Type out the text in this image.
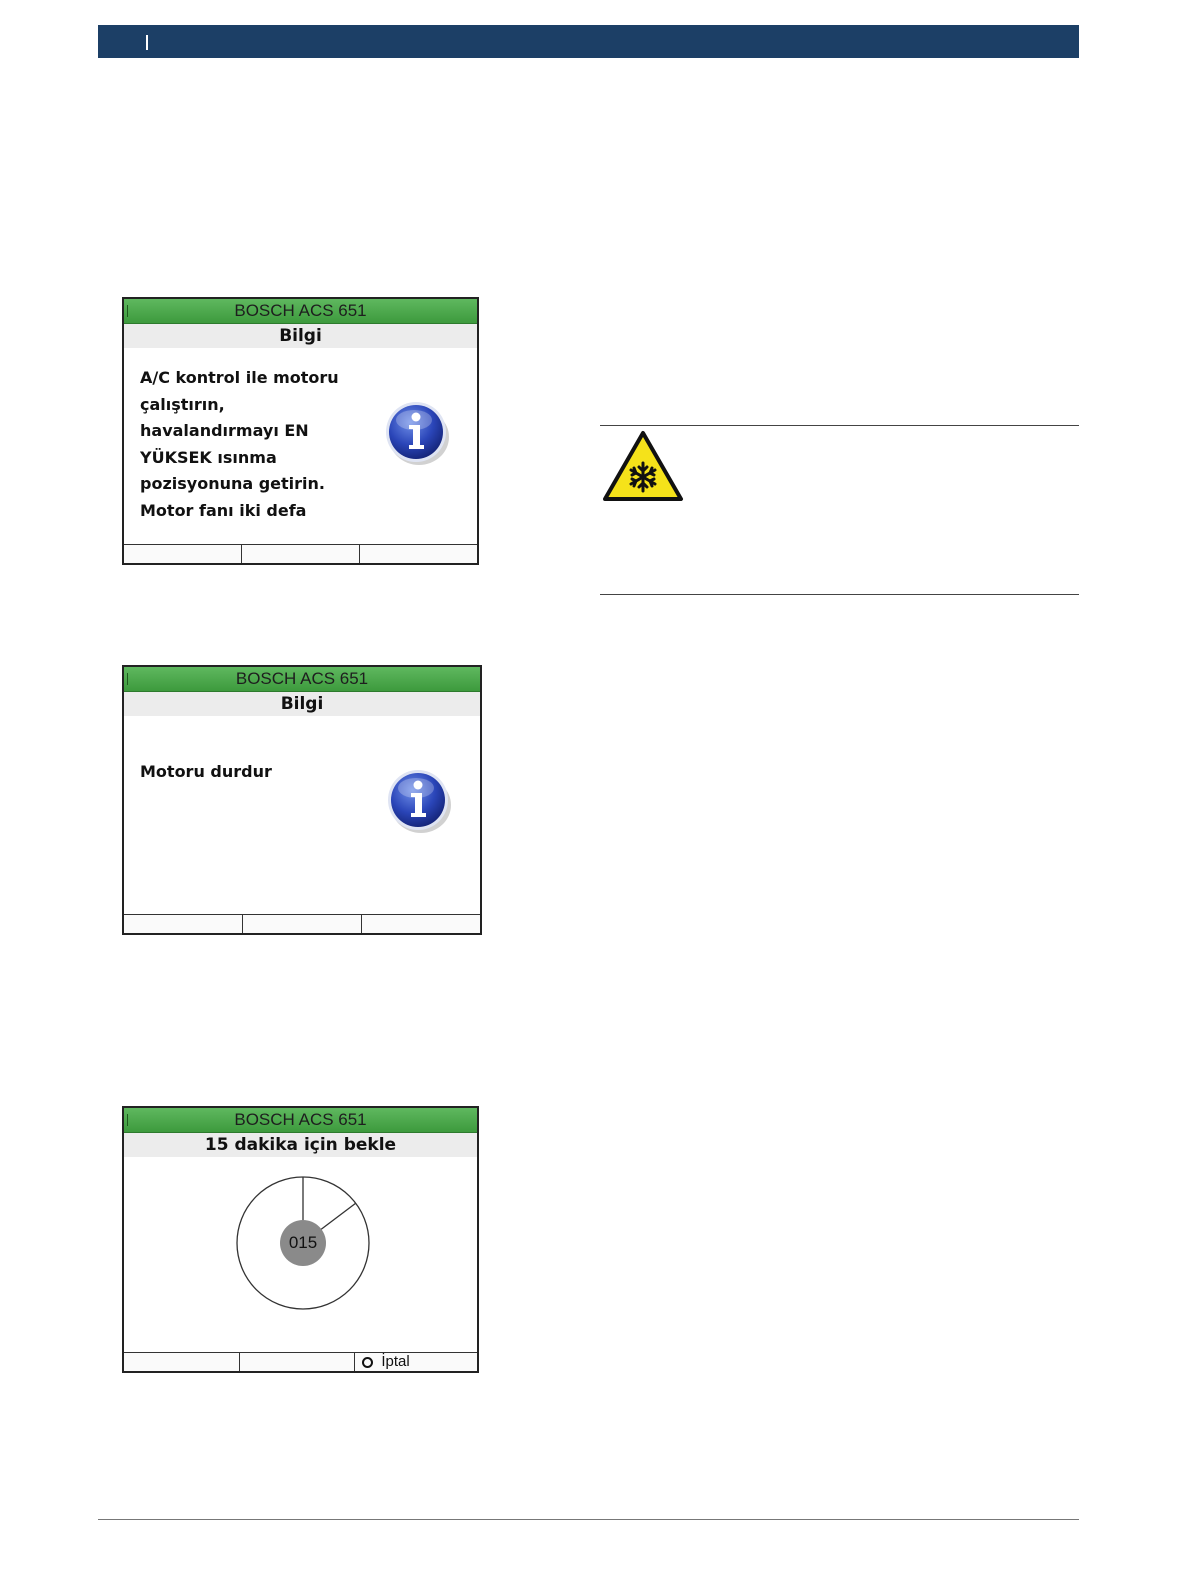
BOSCH ACS 651
Bilgi

A/C kontrol ile motoru

çalıştırın,

havalandırmayı EN

YÜKSEK ısınma

pozisyonuna getirin.

Motor fanı iki defa

BOSCH ACS 651
Bilgi

Motoru durdur

BOSCH ACS 651
15 dakika için bekle
015
İptal
